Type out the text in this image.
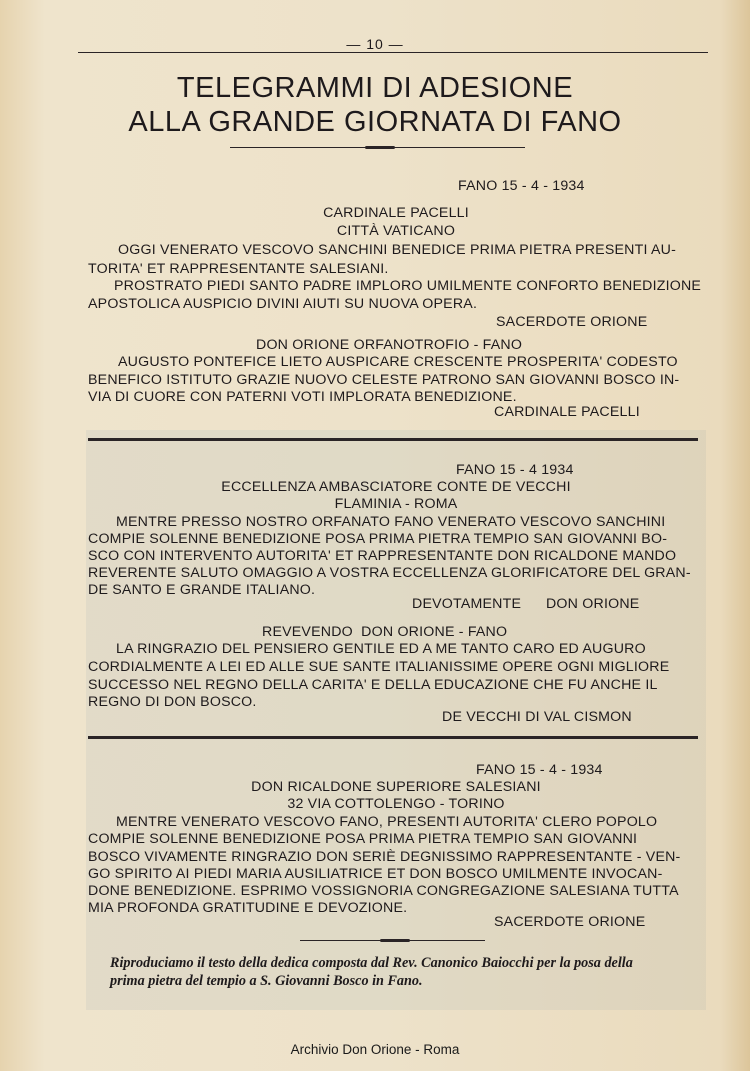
— 10 —
TELEGRAMMI DI ADESIONE
ALLA GRANDE GIORNATA DI FANO
FANO 15 - 4 - 1934
CARDINALE PACELLI
CITTÀ VATICANO
OGGI VENERATO VESCOVO SANCHINI BENEDICE PRIMA PIETRA PRESENTI AU-
TORITA' ET RAPPRESENTANTE SALESIANI.
PROSTRATO PIEDI SANTO PADRE IMPLORO UMILMENTE CONFORTO BENEDIZIONE
APOSTOLICA AUSPICIO DIVINI AIUTI SU NUOVA OPERA.
SACERDOTE ORIONE
DON ORIONE ORFANOTROFIO - FANO
AUGUSTO PONTEFICE LIETO AUSPICARE CRESCENTE PROSPERITA' CODESTO
BENEFICO ISTITUTO GRAZIE NUOVO CELESTE PATRONO SAN GIOVANNI BOSCO IN-
VIA DI CUORE CON PATERNI VOTI IMPLORATA BENEDIZIONE.
CARDINALE PACELLI
FANO 15 - 4 1934
ECCELLENZA AMBASCIATORE CONTE DE VECCHI
FLAMINIA - ROMA
MENTRE PRESSO NOSTRO ORFANATO FANO VENERATO VESCOVO SANCHINI
COMPIE SOLENNE BENEDIZIONE POSA PRIMA PIETRA TEMPIO SAN GIOVANNI BO-
SCO CON INTERVENTO AUTORITA' ET RAPPRESENTANTE DON RICALDONE MANDO
REVERENTE SALUTO OMAGGIO A VOSTRA ECCELLENZA GLORIFICATORE DEL GRAN-
DE SANTO E GRANDE ITALIANO.
DEVOTAMENTE      DON ORIONE
REVEVENDO  DON ORIONE - FANO
LA RINGRAZIO DEL PENSIERO GENTILE ED A ME TANTO CARO ED AUGURO
CORDIALMENTE A LEI ED ALLE SUE SANTE ITALIANISSIME OPERE OGNI MIGLIORE
SUCCESSO NEL REGNO DELLA CARITA' E DELLA EDUCAZIONE CHE FU ANCHE IL
REGNO DI DON BOSCO.
DE VECCHI DI VAL CISMON
FANO 15 - 4 - 1934
DON RICALDONE SUPERIORE SALESIANI
32 VIA COTTOLENGO - TORINO
MENTRE VENERATO VESCOVO FANO, PRESENTI AUTORITA' CLERO POPOLO
COMPIE SOLENNE BENEDIZIONE POSA PRIMA PIETRA TEMPIO SAN GIOVANNI
BOSCO VIVAMENTE RINGRAZIO DON SERIÈ DEGNISSIMO RAPPRESENTANTE - VEN-
GO SPIRITO AI PIEDI MARIA AUSILIATRICE ET DON BOSCO UMILMENTE INVOCAN-
DONE BENEDIZIONE. ESPRIMO VOSSIGNORIA CONGREGAZIONE SALESIANA TUTTA
MIA PROFONDA GRATITUDINE E DEVOZIONE.
SACERDOTE ORIONE
Riproduciamo il testo della dedica composta dal Rev. Canonico Baiocchi per la posa della
prima pietra del tempio a S. Giovanni Bosco in Fano.
Archivio Don Orione - Roma
